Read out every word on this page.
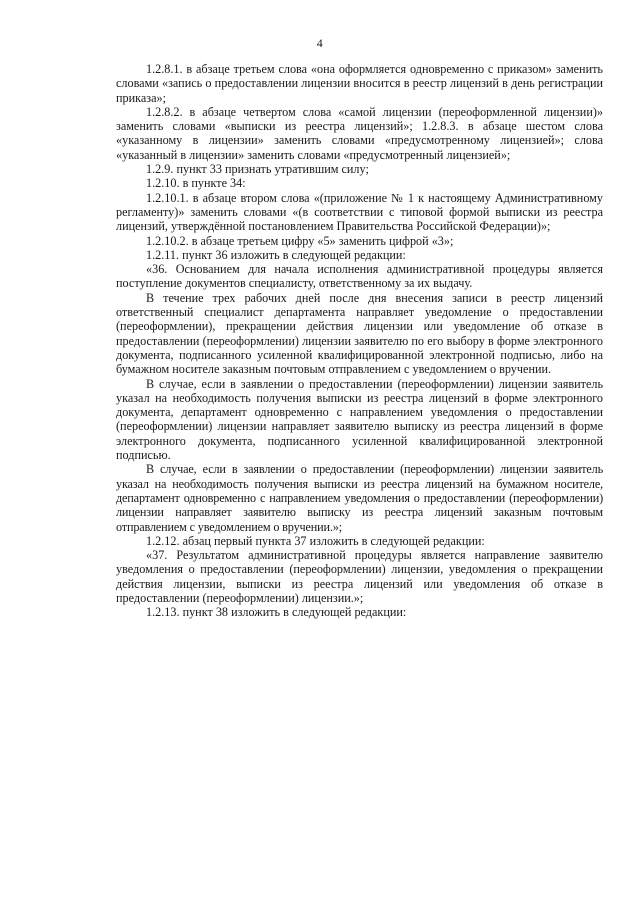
4

1.2.8.1. в абзаце третьем слова «она оформляется одновременно с приказом» заменить словами «запись о предоставлении лицензии вносится в реестр лицензий в день регистрации приказа»;

1.2.8.2. в абзаце четвертом слова «самой лицензии (переоформленной лицензии)» заменить словами «выписки из реестра лицензий»; 1.2.8.3. в абзаце шестом слова «указанному в лицензии» заменить словами «предусмотренному лицензией»; слова «указанный в лицензии» заменить словами «предусмотренный лицензией»;

1.2.9. пункт 33 признать утратившим силу;

1.2.10. в пункте 34:

1.2.10.1. в абзаце втором слова «(приложение № 1 к настоящему Административному регламенту)» заменить словами «(в соответствии с типовой формой выписки из реестра лицензий, утверждённой постановлением Правительства Российской Федерации)»;

1.2.10.2. в абзаце третьем цифру «5» заменить цифрой «3»;

1.2.11. пункт 36 изложить в следующей редакции:

«36. Основанием для начала исполнения административной процедуры является поступление документов специалисту, ответственному за их выдачу.

В течение трех рабочих дней после дня внесения записи в реестр лицензий ответственный специалист департамента направляет уведомление о предоставлении (переоформлении), прекращении действия лицензии или уведомление об отказе в предоставлении (переоформлении) лицензии заявителю по его выбору в форме электронного документа, подписанного усиленной квалифицированной электронной подписью, либо на бумажном носителе заказным почтовым отправлением с уведомлением о вручении.

В случае, если в заявлении о предоставлении (переоформлении) лицензии заявитель указал на необходимость получения выписки из реестра лицензий в форме электронного документа, департамент одновременно с направлением уведомления о предоставлении (переоформлении) лицензии направляет заявителю выписку из реестра лицензий в форме электронного документа, подписанного усиленной квалифицированной электронной подписью.

В случае, если в заявлении о предоставлении (переоформлении) лицензии заявитель указал на необходимость получения выписки из реестра лицензий на бумажном носителе, департамент одновременно с направлением уведомления о предоставлении (переоформлении) лицензии направляет заявителю выписку из реестра лицензий заказным почтовым отправлением с уведомлением о вручении.»;

1.2.12. абзац первый пункта 37 изложить в следующей редакции:

«37. Результатом административной процедуры является направление заявителю уведомления о предоставлении (переоформлении) лицензии, уведомления о прекращении действия лицензии, выписки из реестра лицензий или уведомления об отказе в предоставлении (переоформлении) лицензии.»;

1.2.13. пункт 38 изложить в следующей редакции:
